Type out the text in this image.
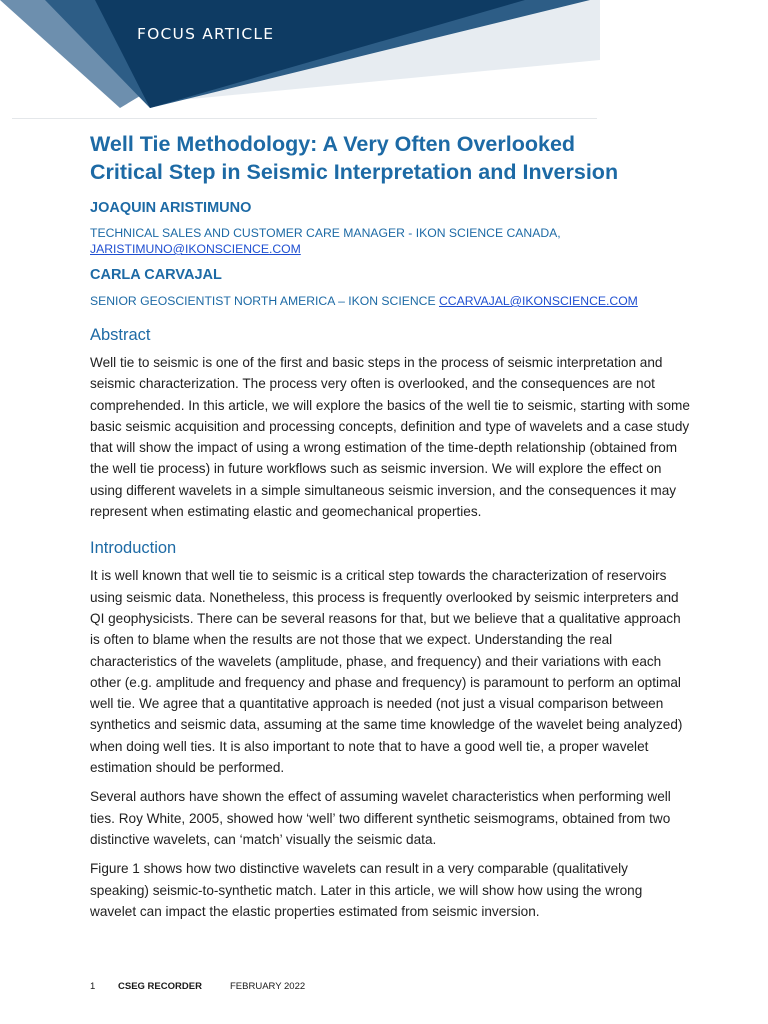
FOCUS ARTICLE
Well Tie Methodology: A Very Often Overlooked
Critical Step in Seismic Interpretation and Inversion
JOAQUIN ARISTIMUNO
TECHNICAL SALES AND CUSTOMER CARE MANAGER - IKON SCIENCE CANADA,
JARISTIMUNO@IKONSCIENCE.COM
CARLA CARVAJAL
SENIOR GEOSCIENTIST NORTH AMERICA – IKON SCIENCE CCARVAJAL@IKONSCIENCE.COM
Abstract

Well tie to seismic is one of the first and basic steps in the process of seismic interpretation and seismic characterization. The process very often is overlooked, and the consequences are not comprehended. In this article, we will explore the basics of the well tie to seismic, starting with some basic seismic acquisition and processing concepts, definition and type of wavelets and a case study that will show the impact of using a wrong estimation of the time-depth relationship (obtained from the well tie process) in future workflows such as seismic inversion. We will explore the effect on using different wavelets in a simple simultaneous seismic inversion, and the consequences it may represent when estimating elastic and geomechanical properties.

Introduction

It is well known that well tie to seismic is a critical step towards the characterization of reservoirs using seismic data. Nonetheless, this process is frequently overlooked by seismic interpreters and QI geophysicists. There can be several reasons for that, but we believe that a qualitative approach is often to blame when the results are not those that we expect. Understanding the real characteristics of the wavelets (amplitude, phase, and frequency) and their variations with each other (e.g. amplitude and frequency and phase and frequency) is paramount to perform an optimal well tie. We agree that a quantitative approach is needed (not just a visual comparison between synthetics and seismic data, assuming at the same time knowledge of the wavelet being analyzed) when doing well ties. It is also important to note that to have a good well tie, a proper wavelet estimation should be performed.

Several authors have shown the effect of assuming wavelet characteristics when performing well ties. Roy White, 2005, showed how ‘well’ two different synthetic seismograms, obtained from two distinctive wavelets, can ‘match’ visually the seismic data.

Figure 1 shows how two distinctive wavelets can result in a very comparable (qualitatively speaking) seismic-to-synthetic match. Later in this article, we will show how using the wrong wavelet can impact the elastic properties estimated from seismic inversion.

1 CSEG RECORDER	FEBRUARY 2022
